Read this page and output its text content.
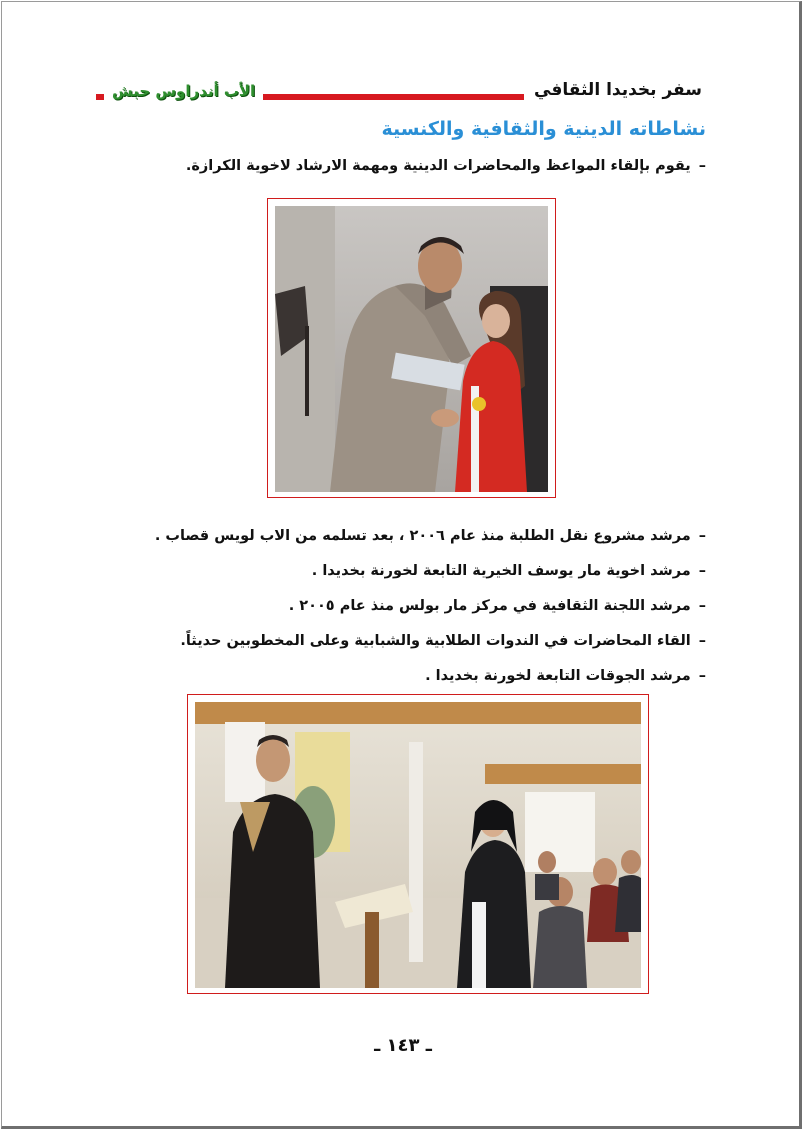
سفر بخديدا الثقافي
الأب أندراوس حبش
نشاطاته الدينية والثقافية والكنسية
–يقوم بإلقاء المواعظ والمحاضرات الدينية ومهمة الارشاد لاخوية الكرازة.
–مرشد مشروع نقل الطلبة منذ عام ٢٠٠٦ ، بعد تسلمه من الاب لويس قصاب .
–مرشد اخوية مار يوسف الخيرية التابعة لخورنة بخديدا .
–مرشد اللجنة الثقافية في مركز مار بولس منذ عام ٢٠٠٥ .
–القاء المحاضرات في الندوات الطلابية والشبابية وعلى المخطوبين حديثاً.
–مرشد الجوقات التابعة لخورنة بخديدا .
ـ ١٤٣ ـ
